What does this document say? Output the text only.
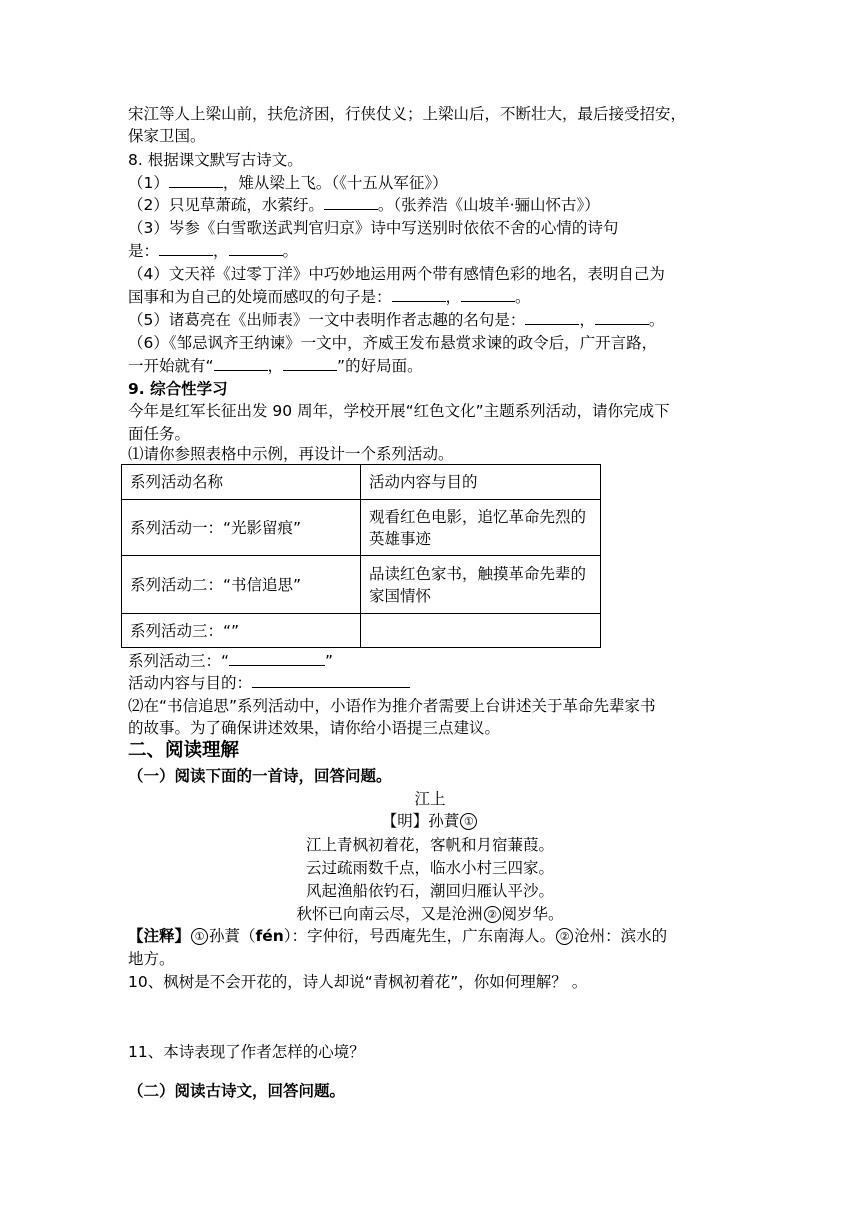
宋江等人上梁山前，扶危济困，行侠仗义；上梁山后，不断壮大，最后接受招安，
保家卫国。
8. 根据课文默写古诗文。
（1）	，雉从梁上飞。（《十五从军征》）
（2）只见草萧疏，水萦纡。	。（张养浩《山坡羊·骊山怀古》）
（3）岑参《白雪歌送武判官归京》诗中写送别时依依不舍的心情的诗句
是：	，	。
（4）文天祥《过零丁洋》中巧妙地运用两个带有感情色彩的地名，表明自己为
国事和为自己的处境而感叹的句子是：	，	。
（5）诸葛亮在《出师表》一文中表明作者志趣的名句是：	，	。
（6）《邹忌讽齐王纳谏》一文中，齐威王发布悬赏求谏的政令后，广开言路，
一开始就有“	，	”的好局面。
9. 综合性学习
今年是红军长征出发 90 周年，学校开展“红色文化”主题系列活动，请你完成下
面任务。
⑴请你参照表格中示例，再设计一个系列活动。
系列活动名称	活动内容与目的
系列活动一：“光影留痕”	观看红色电影，追忆革命先烈的英雄事迹
系列活动二：“书信追思”	品读红色家书，触摸革命先辈的家国情怀
系列活动三：“”	
系列活动三：“	”
活动内容与目的：
⑵在“书信追思”系列活动中，小语作为推介者需要上台讲述关于革命先辈家书
的故事。为了确保讲述效果，请你给小语提三点建议。
二、阅读理解
（一）阅读下面的一首诗，回答问题。
江上
【明】孙蕡 ①
江上青枫初着花，客帆和月宿蒹葭。
云过疏雨数千点，临水小村三四家。
风起渔船依钓石，潮回归雁认平沙。
秋怀已向南云尽，又是沧洲 ② 阅岁华。
【注释】 ① 孙蕡（fén）：字仲衍，号西庵先生，广东南海人。 ② 沧州：滨水的
地方。
10、枫树是不会开花的，诗人却说“青枫初着花”，你如何理解？ 。
11、本诗表现了作者怎样的心境？
（二）阅读古诗文，回答问题。
